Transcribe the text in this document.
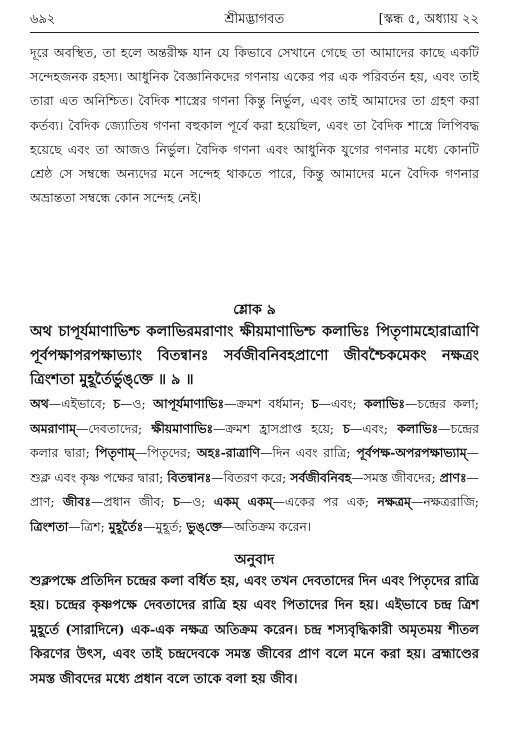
৬৯২	শ্রীমদ্ভাগবত	[স্কন্ধ ৫, অধ্যায় ২২
দূরে অবস্থিত, তা হলে অন্তরীক্ষ যান যে কিভাবে সেখানে গেছে তা আমাদের কাছে একটি সন্দেহজনক রহস্য। আধুনিক বৈজ্ঞানিকদের গণনায় একের পর এক পরিবর্তন হয়, এবং তাই তারা এত অনিশ্চিত। বৈদিক শাস্ত্রের গণনা কিন্তু নির্ভুল, এবং তাই আমাদের তা গ্রহণ করা কর্তব্য। বৈদিক জ্যোতিষ গণনা বহুকাল পূর্বে করা হয়েছিল, এবং তা বৈদিক শাস্ত্রে লিপিবদ্ধ হয়েছে এবং তা আজও নির্ভুল। বৈদিক গণনা এবং আধুনিক যুগের গণনার মধ্যে কোনটি শ্রেষ্ঠ সে সম্বন্ধে অন্যদের মনে সন্দেহ থাকতে পারে, কিন্তু আমাদের মনে বৈদিক গণনার অভ্রান্ততা সম্বন্ধে কোন সন্দেহ নেই।
শ্লোক ৯
অথ চাপূর্যমাণাভিশ্চ কলাভিরমরাণাং ক্ষীয়মাণাভিশ্চ কলাভিঃ পিতৃণামহোরাত্রাণি পূর্বপক্ষাপরপক্ষাভ্যাং বিতন্বানঃ সর্বজীবনিবহপ্রাণো জীবশ্চৈকমেকং নক্ষত্রং ত্রিংশতা মুহূর্তৈর্ভুঙ্‌ক্তে ॥ ৯ ॥
অথ—এইভাবে; চ—ও; আপূর্যমাণাভিঃ—ক্রমশ বর্ধমান; চ—এবং; কলাভিঃ—চন্দ্রের কলা; অমরাণাম্—দেবতাদের; ক্ষীয়মাণাভিঃ—ক্রমশ হ্রাসপ্রাপ্ত হয়ে; চ—এবং; কলাভিঃ—চন্দ্রের কলার দ্বারা; পিতৃণাম্—পিতৃদের; অহঃ-রাত্রাণি—দিন এবং রাত্রি; পূর্বপক্ষ-অপরপক্ষাভ্যাম্—শুক্ল এবং কৃষ্ণ পক্ষের দ্বারা; বিতন্বানঃ—বিতরণ করে; সর্বজীবনিবহ—সমস্ত জীবদের; প্রাণঃ—প্রাণ; জীবঃ—প্রধান জীব; চ—ও; একম্ একম্—একের পর এক; নক্ষত্রম্—নক্ষত্ররাজি; ত্রিংশতা—ত্রিশ; মুহূর্তৈঃ—মুহূর্ত; ভুঙ্‌ক্তে—অতিক্রম করেন।
অনুবাদ
শুক্লপক্ষে প্রতিদিন চন্দ্রের কলা বর্ধিত হয়, এবং তখন দেবতাদের দিন এবং পিতৃদের রাত্রি হয়। চন্দ্রের কৃষ্ণপক্ষে দেবতাদের রাত্রি হয় এবং পিতাদের দিন হয়। এইভাবে চন্দ্র ত্রিশ মুহূর্তে (সারাদিনে) এক-এক নক্ষত্র অতিক্রম করেন। চন্দ্র শস্যবৃদ্ধিকারী অমৃতময় শীতল কিরণের উৎস, এবং তাই চন্দ্রদেবকে সমস্ত জীবের প্রাণ বলে মনে করা হয়। ব্রহ্মাণ্ডের সমস্ত জীবদের মধ্যে প্রধান বলে তাকে বলা হয় জীব।
